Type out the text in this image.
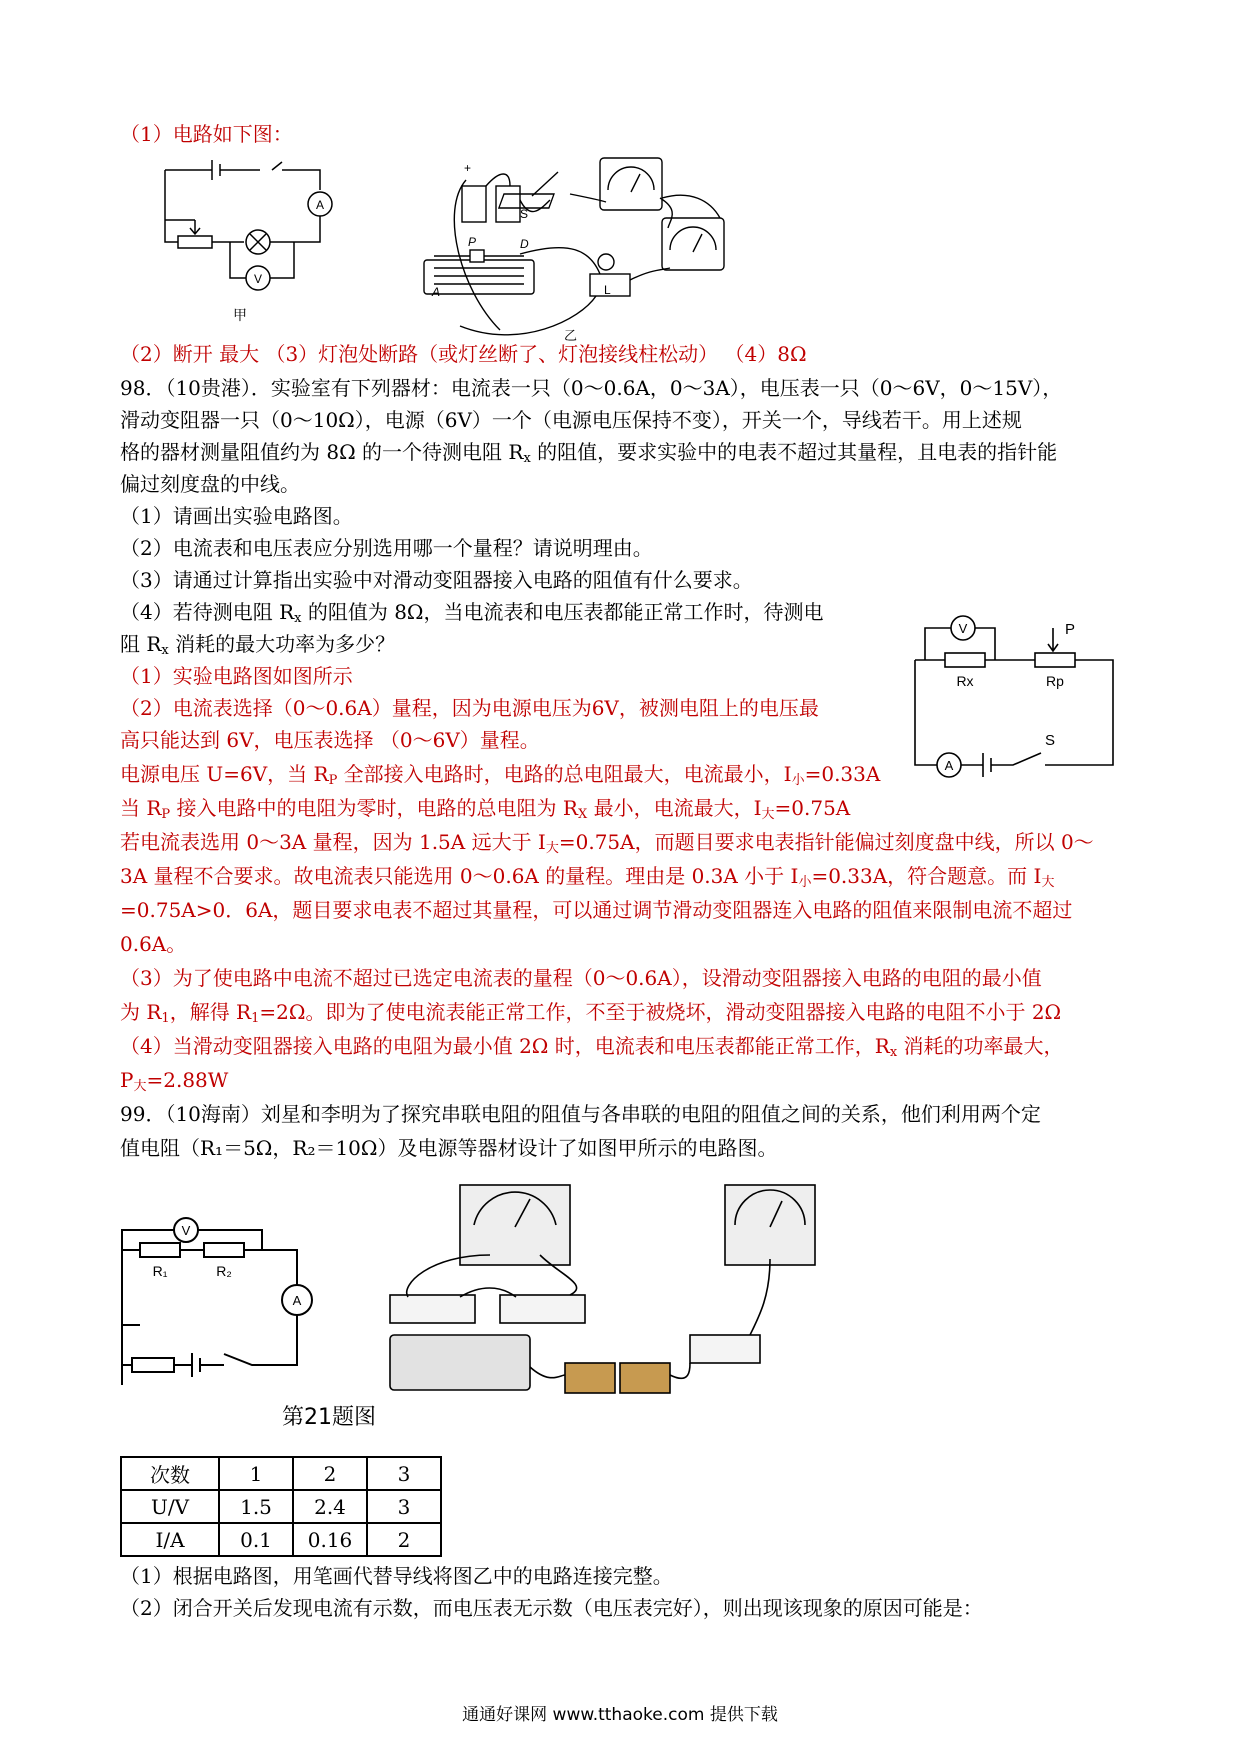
（1）电路如下图：
A
V
甲
+
S
P	D
A	L
乙
（2）断开 最大 （3）灯泡处断路（或灯丝断了、灯泡接线柱松动） （4）8Ω
98．（10贵港）．实验室有下列器材：电流表一只（0～0.6A，0～3A），电压表一只（0～6V，0～15V），
滑动变阻器一只（0～10Ω），电源（6V）一个（电源电压保持不变），开关一个，导线若干。用上述规
格的器材测量阻值约为 8Ω 的一个待测电阻 $R_x$ 的阻值，要求实验中的电表不超过其量程，且电表的指针能
偏过刻度盘的中线。
（1）请画出实验电路图。
（2）电流表和电压表应分别选用哪一个量程？请说明理由。
（3）请通过计算指出实验中对滑动变阻器接入电路的阻值有什么要求。
（4）若待测电阻 $R_x$ 的阻值为 8Ω，当电流表和电压表都能正常工作时，待测电
阻 $R_x$ 消耗的最大功率为多少？
（1）实验电路图如图所示
（2）电流表选择（0～0.6A）量程，因为电源电压为6V，被测电阻上的电压最
高只能达到 6V，电压表选择 （0～6V）量程。
电源电压 U=6V，当 $R_P$ 全部接入电路时，电路的总电阻最大，电流最小，$I_小=0.33A$
当 $R_P$ 接入电路中的电阻为零时，电路的总电阻为 $R_X$ 最小，电流最大，$I_大=0.75A$
若电流表选用 0～3A 量程，因为 1.5A 远大于 $I_大=0.75A$，而题目要求电表指针能偏过刻度盘中线，所以 0～
3A 量程不合要求。故电流表只能选用 0～0.6A 的量程。理由是 0.3A 小于 $I_小=0.33A$，符合题意。而 $I_大$
=0.75A>0．6A，题目要求电表不超过其量程，可以通过调节滑动变阻器连入电路的阻值来限制电流不超过
0.6A。
（3）为了使电路中电流不超过已选定电流表的量程（0～0.6A），设滑动变阻器接入电路的电阻的最小值
为 $R_1$，解得 $R_1=2\Omega$。即为了使电流表能正常工作，不至于被烧坏，滑动变阻器接入电路的电阻不小于 2Ω
（4）当滑动变阻器接入电路的电阻为最小值 2Ω 时，电流表和电压表都能正常工作，$R_x$ 消耗的功率最大，
$P_大=2.88W$
V
Rx	Rp
P
A
S
99．（10海南）刘星和李明为了探究串联电阻的阻值与各串联的电阻的阻值之间的关系，他们利用两个定
值电阻（R₁＝5Ω，R₂＝10Ω）及电源等器材设计了如图甲所示的电路图。
V
A
R₁	R₂
第21题图
次数	1	2	3
U/V	1.5	2.4	3
I/A	0.1	0.16	2
（1）根据电路图，用笔画代替导线将图乙中的电路连接完整。
（2）闭合开关后发现电流有示数，而电压表无示数（电压表完好），则出现该现象的原因可能是：
通通好课网 www.tthaoke.com 提供下载
